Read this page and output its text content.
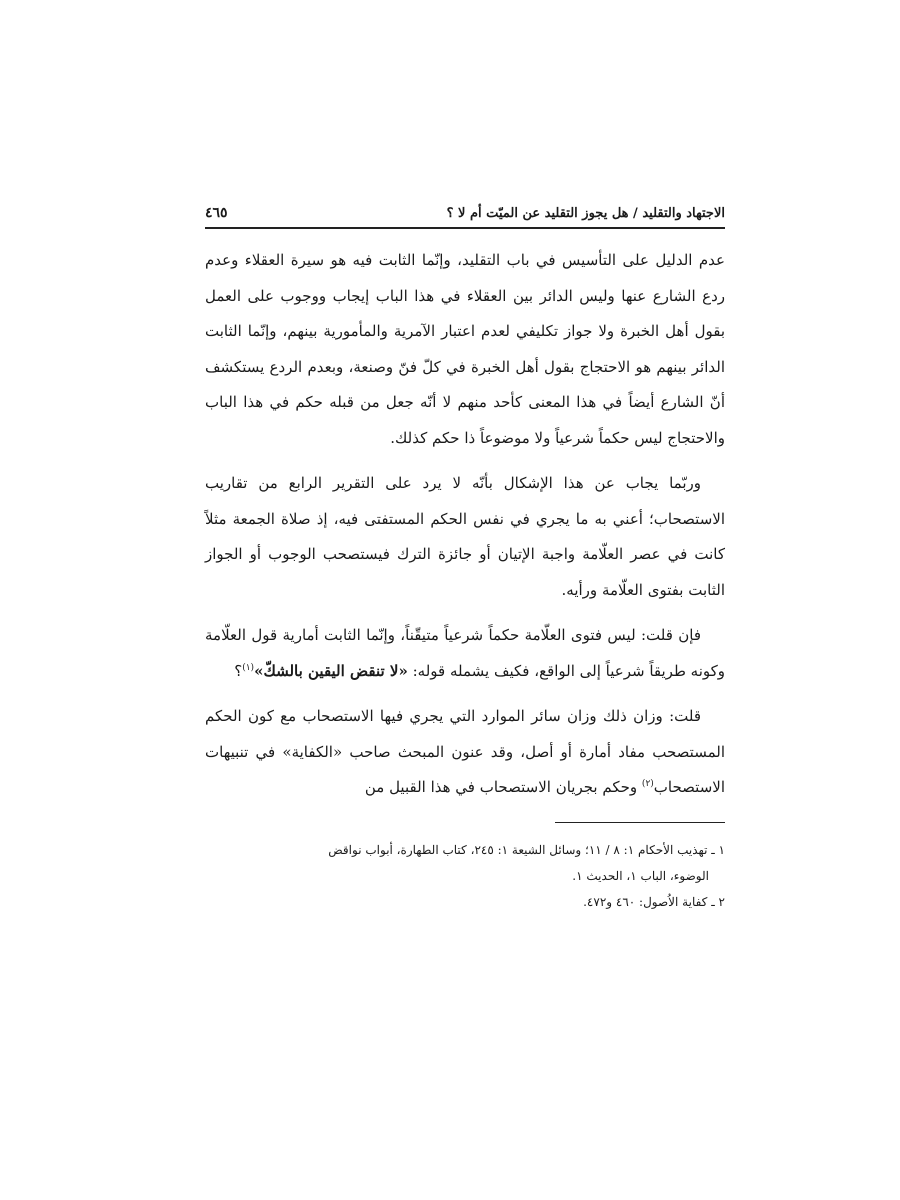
الاجتهاد والتقليد / هل يجوز التقليد عن الميّت أم لا ؟
٤٦٥

عدم الدليل على التأسيس في باب التقليد، وإنّما الثابت فيه هو سيرة العقلاء وعدم ردع الشارع عنها وليس الدائر بين العقلاء في هذا الباب إيجاب ووجوب على العمل بقول أهل الخبرة ولا جواز تكليفي لعدم اعتبار الآمرية والمأمورية بينهم، وإنّما الثابت الدائر بينهم هو الاحتجاج بقول أهل الخبرة في كلّ فنّ وصنعة، وبعدم الردع يستكشف أنّ الشارع أيضاً في هذا المعنى كأحد منهم لا أنّه جعل من قبله حكم في هذا الباب والاحتجاج ليس حكماً شرعياً ولا موضوعاً ذا حكم كذلك.

وربّما يجاب عن هذا الإشكال بأنّه لا يرد على التقرير الرابع من تقاريب الاستصحاب؛ أعني به ما يجري في نفس الحكم المستفتى فيه، إذ صلاة الجمعة مثلاً كانت في عصر العلّامة واجبة الإتيان أو جائزة الترك فيستصحب الوجوب أو الجواز الثابت بفتوى العلّامة ورأيه.

فإن قلت: ليس فتوى العلّامة حكماً شرعياً متيقّناً، وإنّما الثابت أمارية قول العلّامة وكونه طريقاً شرعياً إلى الواقع، فكيف يشمله قوله: «لا تنقض اليقين بالشكّ»$^{(١)}$؟

قلت: وزان ذلك وزان سائر الموارد التي يجري فيها الاستصحاب مع كون الحكم المستصحب مفاد أمارة أو أصل، وقد عنون المبحث صاحب «الكفاية» في تنبيهات الاستصحاب$^{(٢)}$ وحكم بجريان الاستصحاب في هذا القبيل من

١ ـ تهذيب الأحكام ١: ٨ / ١١؛ وسائل الشيعة ١: ٢٤٥، كتاب الطهارة، أبواب نواقض
الوضوء، الباب ١، الحديث ١.

٢ ـ كفاية الاُصول: ٤٦٠ و٤٧٢.
